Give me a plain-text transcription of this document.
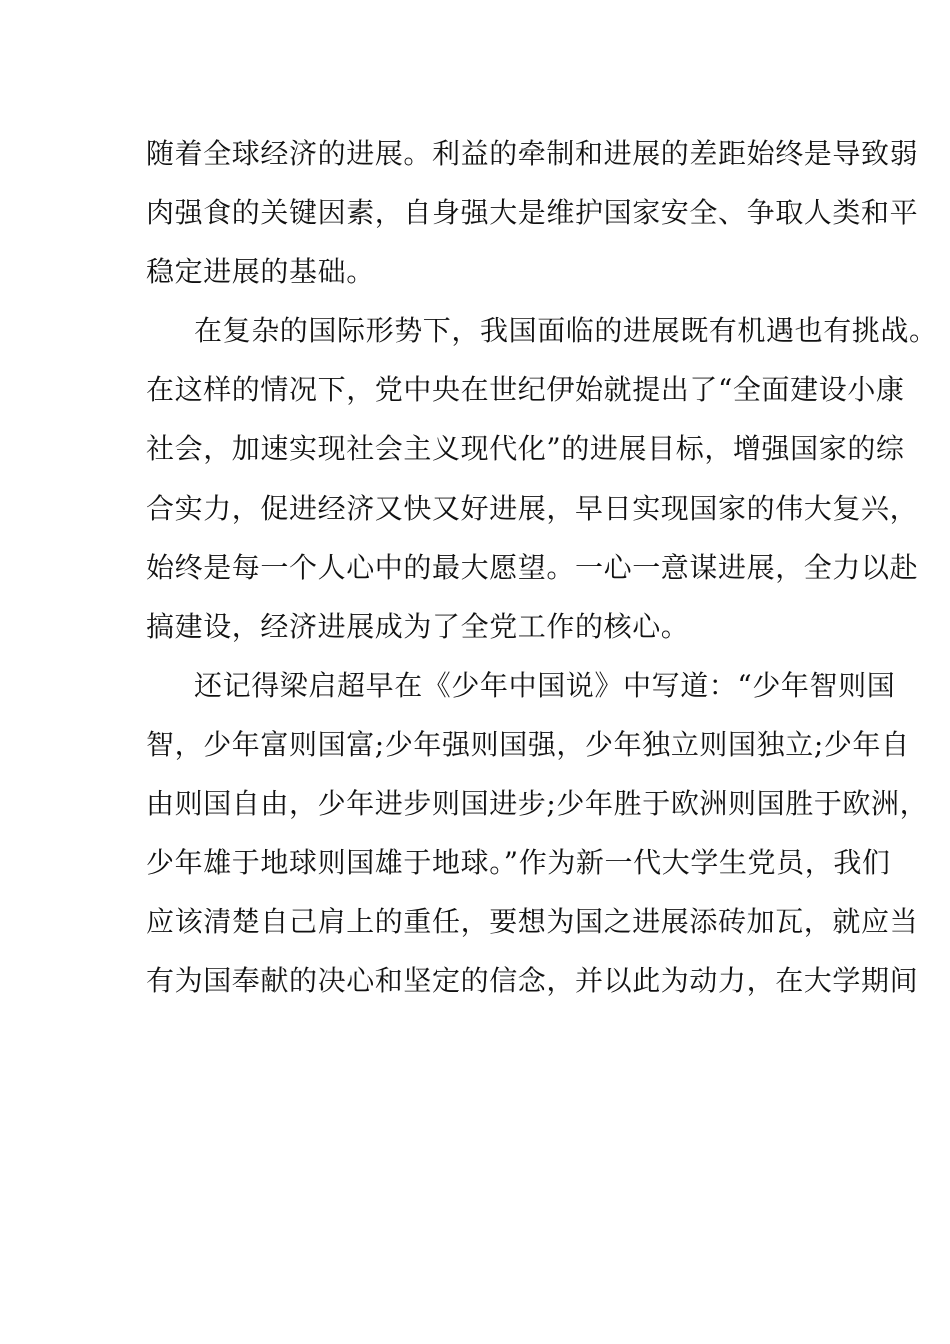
随着全球经济的进展。利益的牵制和进展的差距始终是导致弱
肉强食的关键因素，自身强大是维护国家安全、争取人类和平
稳定进展的基础。
在复杂的国际形势下，我国面临的进展既有机遇也有挑战。
在这样的情况下，党中央在世纪伊始就提出了“全面建设小康
社会，加速实现社会主义现代化”的进展目标，增强国家的综
合实力，促进经济又快又好进展，早日实现国家的伟大复兴，
始终是每一个人心中的最大愿望。一心一意谋进展，全力以赴
搞建设，经济进展成为了全党工作的核心。
还记得梁启超早在《少年中国说》中写道：“少年智则国
智，少年富则国富;少年强则国强，少年独立则国独立;少年自
由则国自由，少年进步则国进步;少年胜于欧洲则国胜于欧洲，
少年雄于地球则国雄于地球。”作为新一代大学生党员，我们
应该清楚自己肩上的重任，要想为国之进展添砖加瓦，就应当
有为国奉献的决心和坚定的信念，并以此为动力，在大学期间
